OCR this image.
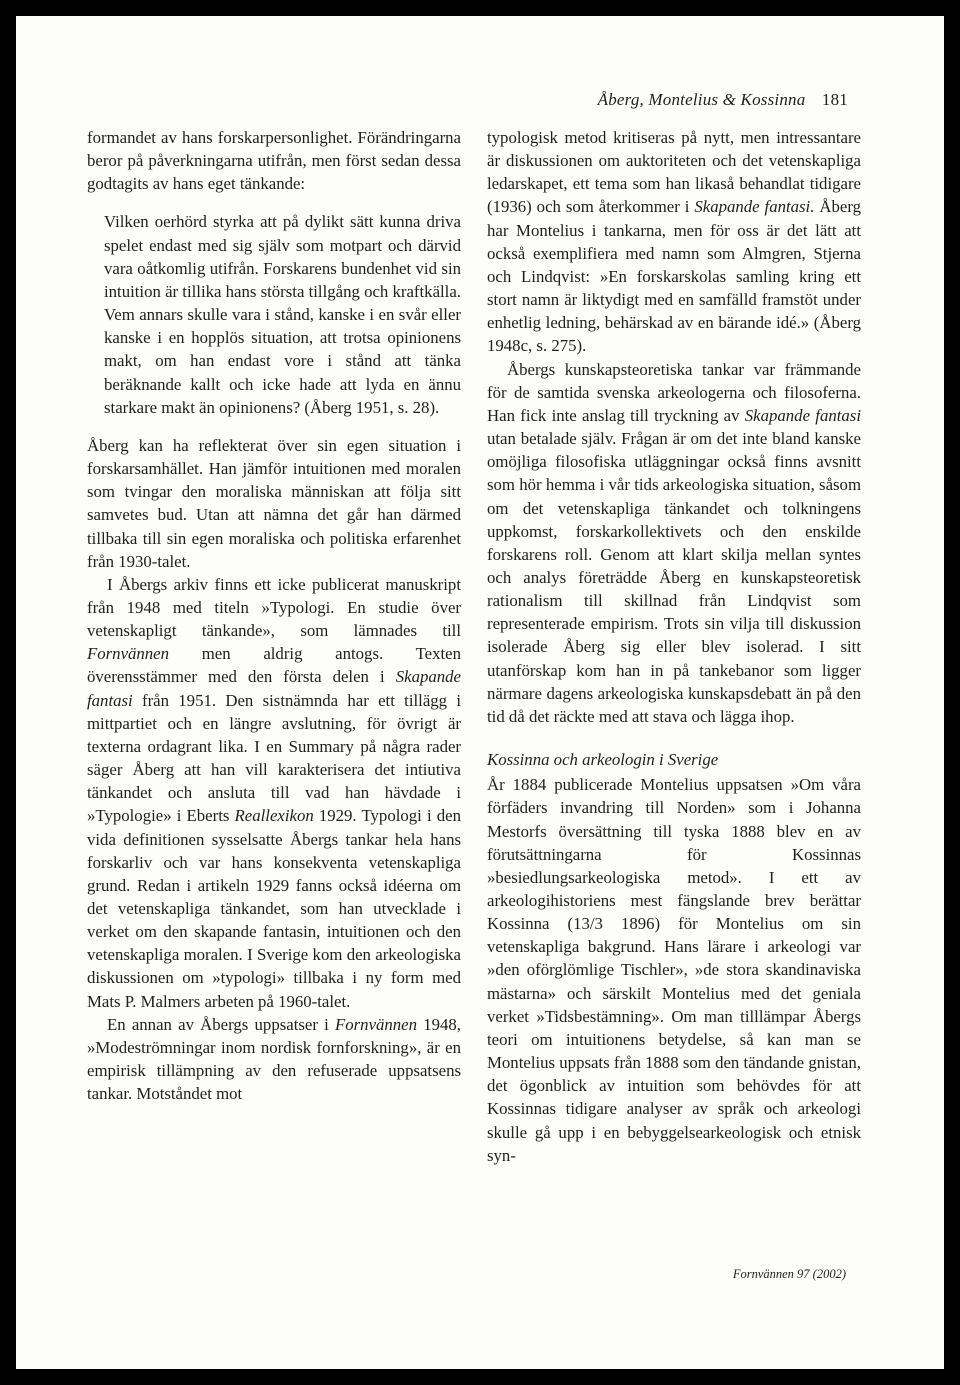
Åberg, Montelius & Kossinna 181

formandet av hans forskarpersonlighet. Förändringarna beror på påverkningarna utifrån, men först sedan dessa godtagits av hans eget tänkande:

Vilken oerhörd styrka att på dylikt sätt kunna driva spelet endast med sig själv som motpart och därvid vara oåtkomlig utifrån. Forskarens bundenhet vid sin intuition är tillika hans största tillgång och kraftkälla. Vem annars skulle vara i stånd, kanske i en svår eller kanske i en hopplös situation, att trotsa opinionens makt, om han endast vore i stånd att tänka beräknande kallt och icke hade att lyda en ännu starkare makt än opinionens? (Åberg 1951, s. 28).

Åberg kan ha reflekterat över sin egen situation i forskarsamhället. Han jämför intuitionen med moralen som tvingar den moraliska människan att följa sitt samvetes bud. Utan att nämna det går han därmed tillbaka till sin egen moraliska och politiska erfarenhet från 1930-talet.

I Åbergs arkiv finns ett icke publicerat manuskript från 1948 med titeln »Typologi. En studie över vetenskapligt tänkande», som lämnades till Fornvännen men aldrig antogs. Texten överensstämmer med den första delen i Skapande fantasi från 1951. Den sistnämnda har ett tillägg i mittpartiet och en längre avslutning, för övrigt är texterna ordagrant lika. I en Summary på några rader säger Åberg att han vill karakterisera det intiutiva tänkandet och ansluta till vad han hävdade i »Typologie» i Eberts Reallexikon 1929. Typologi i den vida definitionen sysselsatte Åbergs tankar hela hans forskarliv och var hans konsekventa vetenskapliga grund. Redan i artikeln 1929 fanns också idéerna om det vetenskapliga tänkandet, som han utvecklade i verket om den skapande fantasin, intuitionen och den vetenskapliga moralen. I Sverige kom den arkeologiska diskussionen om »typologi» tillbaka i ny form med Mats P. Malmers arbeten på 1960-talet.

En annan av Åbergs uppsatser i Fornvännen 1948, »Modeströmningar inom nordisk fornforskning», är en empirisk tillämpning av den refuserade uppsatsens tankar. Motståndet mot

typologisk metod kritiseras på nytt, men intressantare är diskussionen om auktoriteten och det vetenskapliga ledarskapet, ett tema som han likaså behandlat tidigare (1936) och som återkommer i Skapande fantasi. Åberg har Montelius i tankarna, men för oss är det lätt att också exemplifiera med namn som Almgren, Stjerna och Lindqvist: »En forskarskolas samling kring ett stort namn är liktydigt med en samfälld framstöt under enhetlig ledning, behärskad av en bärande idé.» (Åberg 1948c, s. 275).

Åbergs kunskapsteoretiska tankar var främmande för de samtida svenska arkeologerna och filosoferna. Han fick inte anslag till tryckning av Skapande fantasi utan betalade själv. Frågan är om det inte bland kanske omöjliga filosofiska utläggningar också finns avsnitt som hör hemma i vår tids arkeologiska situation, såsom om det vetenskapliga tänkandet och tolkningens uppkomst, forskarkollektivets och den enskilde forskarens roll. Genom att klart skilja mellan syntes och analys företrädde Åberg en kunskapsteoretisk rationalism till skillnad från Lindqvist som representerade empirism. Trots sin vilja till diskussion isolerade Åberg sig eller blev isolerad. I sitt utanförskap kom han in på tankebanor som ligger närmare dagens arkeologiska kunskapsdebatt än på den tid då det räckte med att stava och lägga ihop.

Kossinna och arkeologin i Sverige

År 1884 publicerade Montelius uppsatsen »Om våra förfäders invandring till Norden» som i Johanna Mestorfs översättning till tyska 1888 blev en av förutsättningarna för Kossinnas »besiedlungsarkeologiska metod». I ett av arkeologihistoriens mest fängslande brev berättar Kossinna (13/3 1896) för Montelius om sin vetenskapliga bakgrund. Hans lärare i arkeologi var »den oförglömlige Tischler», »de stora skandinaviska mästarna» och särskilt Montelius med det geniala verket »Tidsbestämning». Om man tilllämpar Åbergs teori om intuitionens betydelse, så kan man se Montelius uppsats från 1888 som den tändande gnistan, det ögonblick av intuition som behövdes för att Kossinnas tidigare analyser av språk och arkeologi skulle gå upp i en bebyggelsearkeologisk och etnisk syn-

Fornvännen 97 (2002)
